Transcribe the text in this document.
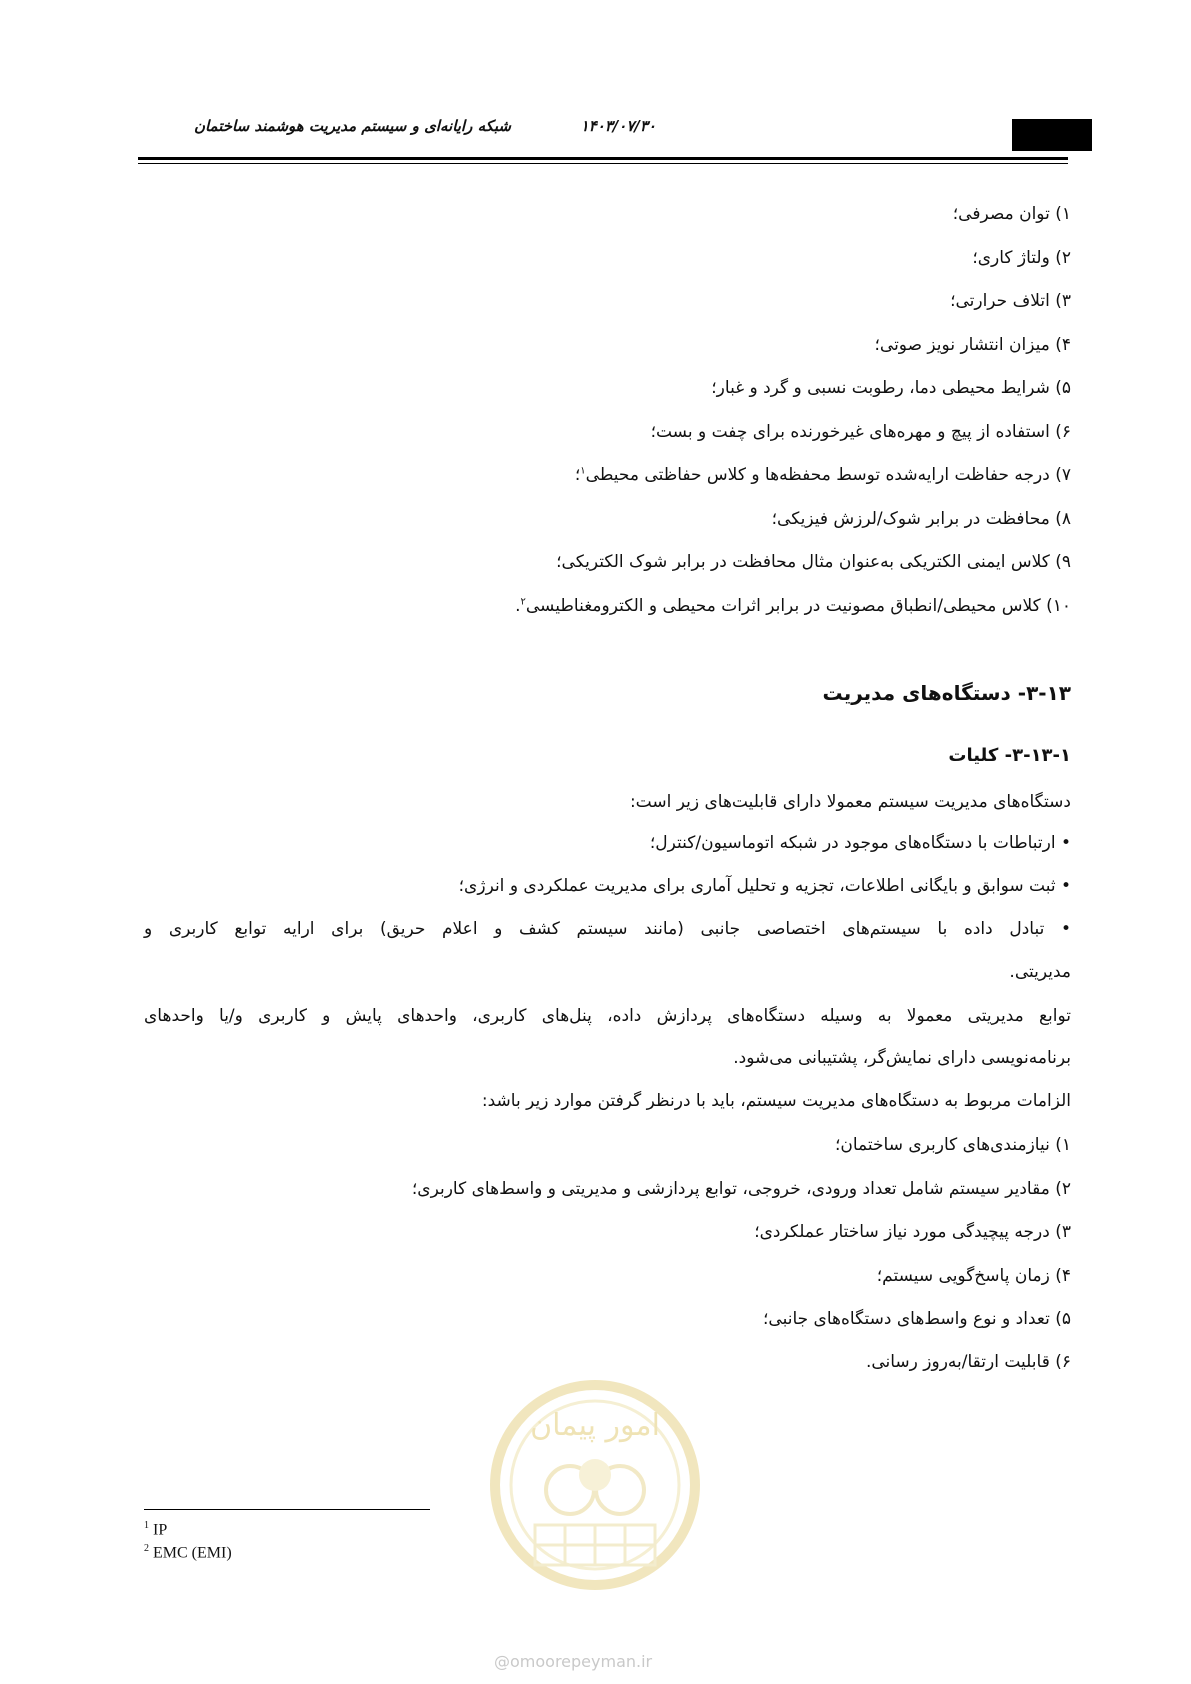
شبکه رایانه‌ای و سیستم مدیریت هوشمند ساختمان	۱۴۰۳/۰۷/۳۰
۱) توان مصرفی؛
۲) ولتاژ کاری؛
۳) اتلاف حرارتی؛
۴) میزان انتشار نویز صوتی؛
۵) شرایط محیطی دما، رطوبت نسبی و گرد و غبار؛
۶) استفاده از پیچ و مهره‌های غیرخورنده برای چفت و بست؛
۷) درجه حفاظت ارایه‌شده توسط محفظه‌ها و کلاس حفاظتی محیطی$^۱$؛
۸) محافظت در برابر شوک/لرزش فیزیکی؛
۹) کلاس ایمنی الکتریکی به‌عنوان مثال محافظت در برابر شوک الکتریکی؛
۱۰) کلاس محیطی/انطباق مصونیت در برابر اثرات محیطی و الکترومغناطیسی$^۲$.
۳-۱۳- دستگاه‌های مدیریت
۳-۱۳-۱- کلیات
دستگاه‌های مدیریت سیستم معمولا دارای قابلیت‌های زیر است:
• ارتباطات با دستگاه‌های موجود در شبکه اتوماسیون/کنترل؛
• ثبت سوابق و بایگانی اطلاعات، تجزیه و تحلیل آماری برای مدیریت عملکردی و انرژی؛
• تبادل داده با سیستم‌های اختصاصی جانبی (مانند سیستم کشف و اعلام حریق) برای ارایه توابع کاربری و
مدیریتی.
توابع مدیریتی معمولا به وسیله دستگاه‌های پردازش داده، پنل‌های کاربری، واحدهای پایش و کاربری و/یا واحدهای
برنامه‌نویسی دارای نمایش‌گر، پشتیبانی می‌شود.
الزامات مربوط به دستگاه‌های مدیریت سیستم، باید با درنظر گرفتن موارد زیر باشد:
۱) نیازمندی‌های کاربری ساختمان؛
۲) مقادیر سیستم شامل تعداد ورودی، خروجی، توابع پردازشی و مدیریتی و واسط‌های کاربری؛
۳) درجه پیچیدگی مورد نیاز ساختار عملکردی؛
۴) زمان پاسخ‌گویی سیستم؛
۵) تعداد و نوع واسط‌های دستگاه‌های جانبی؛
۶) قابلیت ارتقا/به‌روز رسانی.
$^1$ IP
$^2$ EMC (EMI)
امور پیمان
@omoorepeyman.ir
